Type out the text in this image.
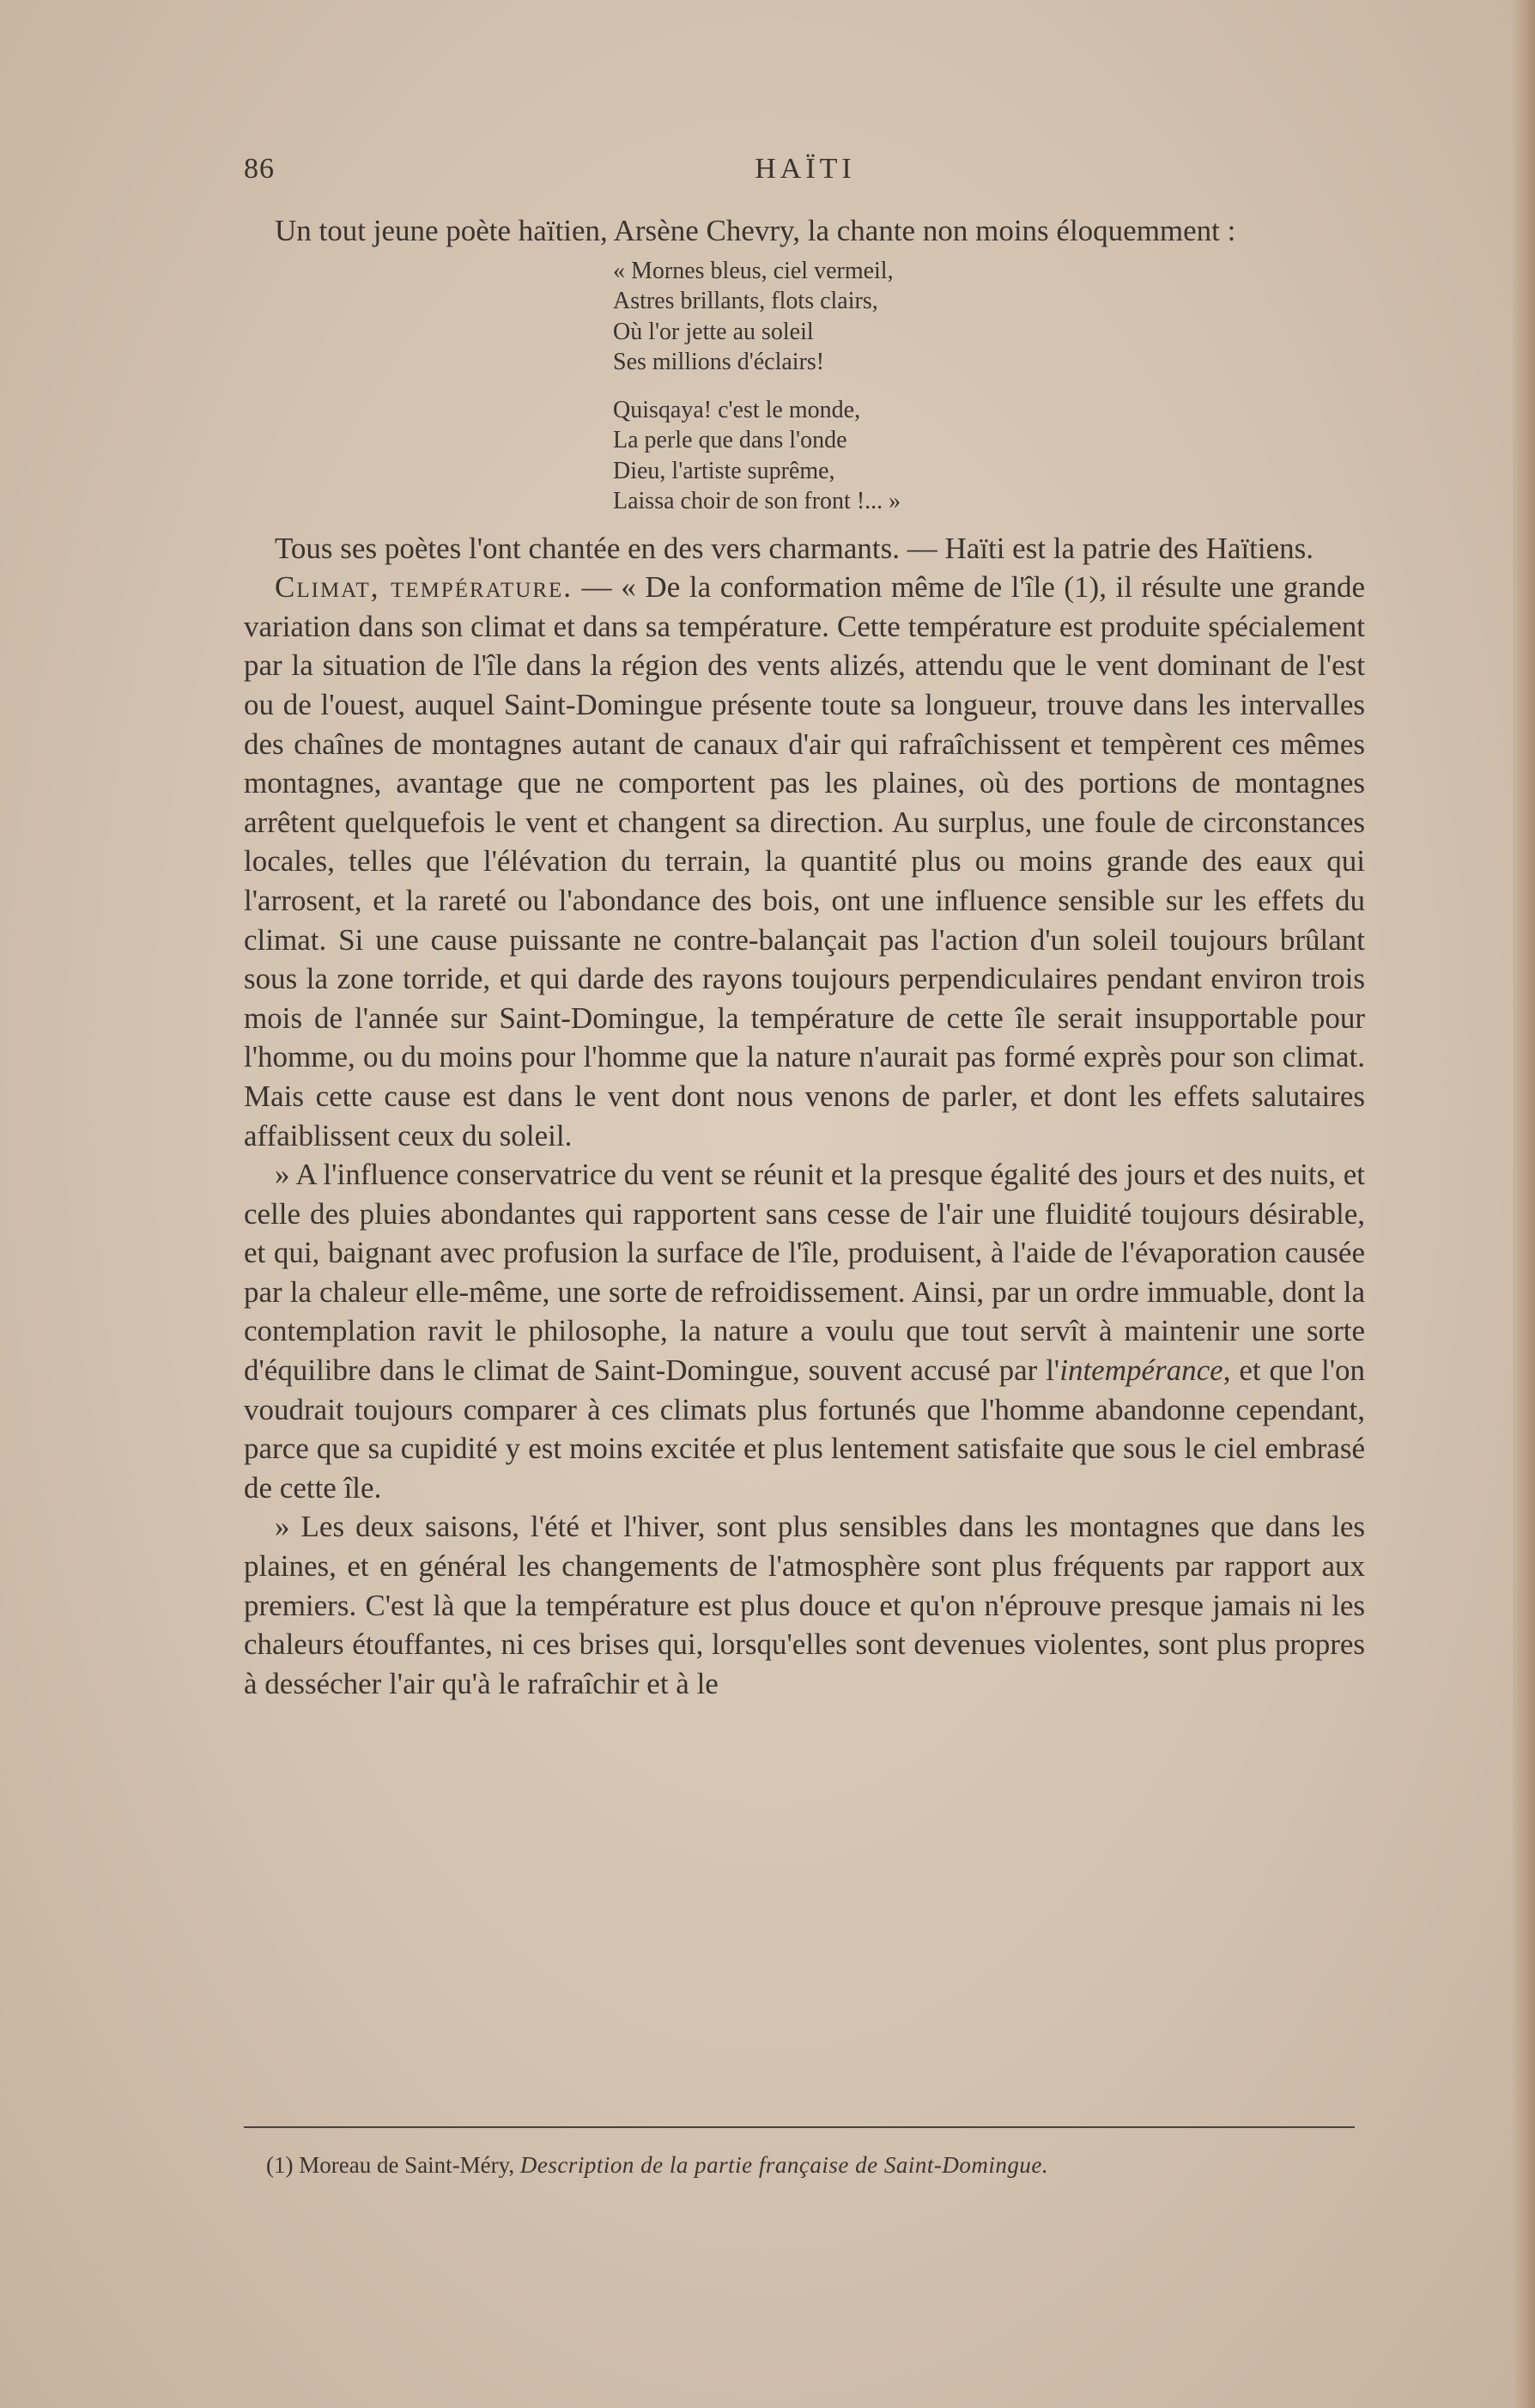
86	HAÏTI

Un tout jeune poète haïtien, Arsène Chevry, la chante non moins éloquemment :

« Mornes bleus, ciel vermeil,
Astres brillants, flots clairs,
Où l'or jette au soleil
Ses millions d'éclairs!
Quisqaya! c'est le monde,
La perle que dans l'onde
Dieu, l'artiste suprême,
Laissa choir de son front !... »

Tous ses poètes l'ont chantée en des vers charmants. — Haïti est la patrie des Haïtiens.

Climat, température. — « De la conformation même de l'île (1), il résulte une grande variation dans son climat et dans sa température. Cette température est produite spécialement par la situation de l'île dans la région des vents alizés, attendu que le vent dominant de l'est ou de l'ouest, auquel Saint-Domingue présente toute sa longueur, trouve dans les intervalles des chaînes de montagnes autant de canaux d'air qui rafraîchissent et tempèrent ces mêmes montagnes, avantage que ne comportent pas les plaines, où des portions de montagnes arrêtent quelquefois le vent et changent sa direction. Au surplus, une foule de circonstances locales, telles que l'élévation du terrain, la quantité plus ou moins grande des eaux qui l'arrosent, et la rareté ou l'abondance des bois, ont une influence sensible sur les effets du climat. Si une cause puissante ne contre-balançait pas l'action d'un soleil toujours brûlant sous la zone torride, et qui darde des rayons toujours perpendiculaires pendant environ trois mois de l'année sur Saint-Domingue, la température de cette île serait insupportable pour l'homme, ou du moins pour l'homme que la nature n'aurait pas formé exprès pour son climat. Mais cette cause est dans le vent dont nous venons de parler, et dont les effets salutaires affaiblissent ceux du soleil.

» A l'influence conservatrice du vent se réunit et la presque égalité des jours et des nuits, et celle des pluies abondantes qui rapportent sans cesse de l'air une fluidité toujours désirable, et qui, baignant avec profusion la surface de l'île, produisent, à l'aide de l'évaporation causée par la chaleur elle-même, une sorte de refroidissement. Ainsi, par un ordre immuable, dont la contemplation ravit le philosophe, la nature a voulu que tout servît à maintenir une sorte d'équilibre dans le climat de Saint-Domingue, souvent accusé par l'intempérance, et que l'on voudrait toujours comparer à ces climats plus fortunés que l'homme abandonne cependant, parce que sa cupidité y est moins excitée et plus lentement satisfaite que sous le ciel embrasé de cette île.

» Les deux saisons, l'été et l'hiver, sont plus sensibles dans les montagnes que dans les plaines, et en général les changements de l'atmosphère sont plus fréquents par rapport aux premiers. C'est là que la température est plus douce et qu'on n'éprouve presque jamais ni les chaleurs étouffantes, ni ces brises qui, lorsqu'elles sont devenues violentes, sont plus propres à dessécher l'air qu'à le rafraîchir et à le

(1) Moreau de Saint-Méry, Description de la partie française de Saint-Domingue.
